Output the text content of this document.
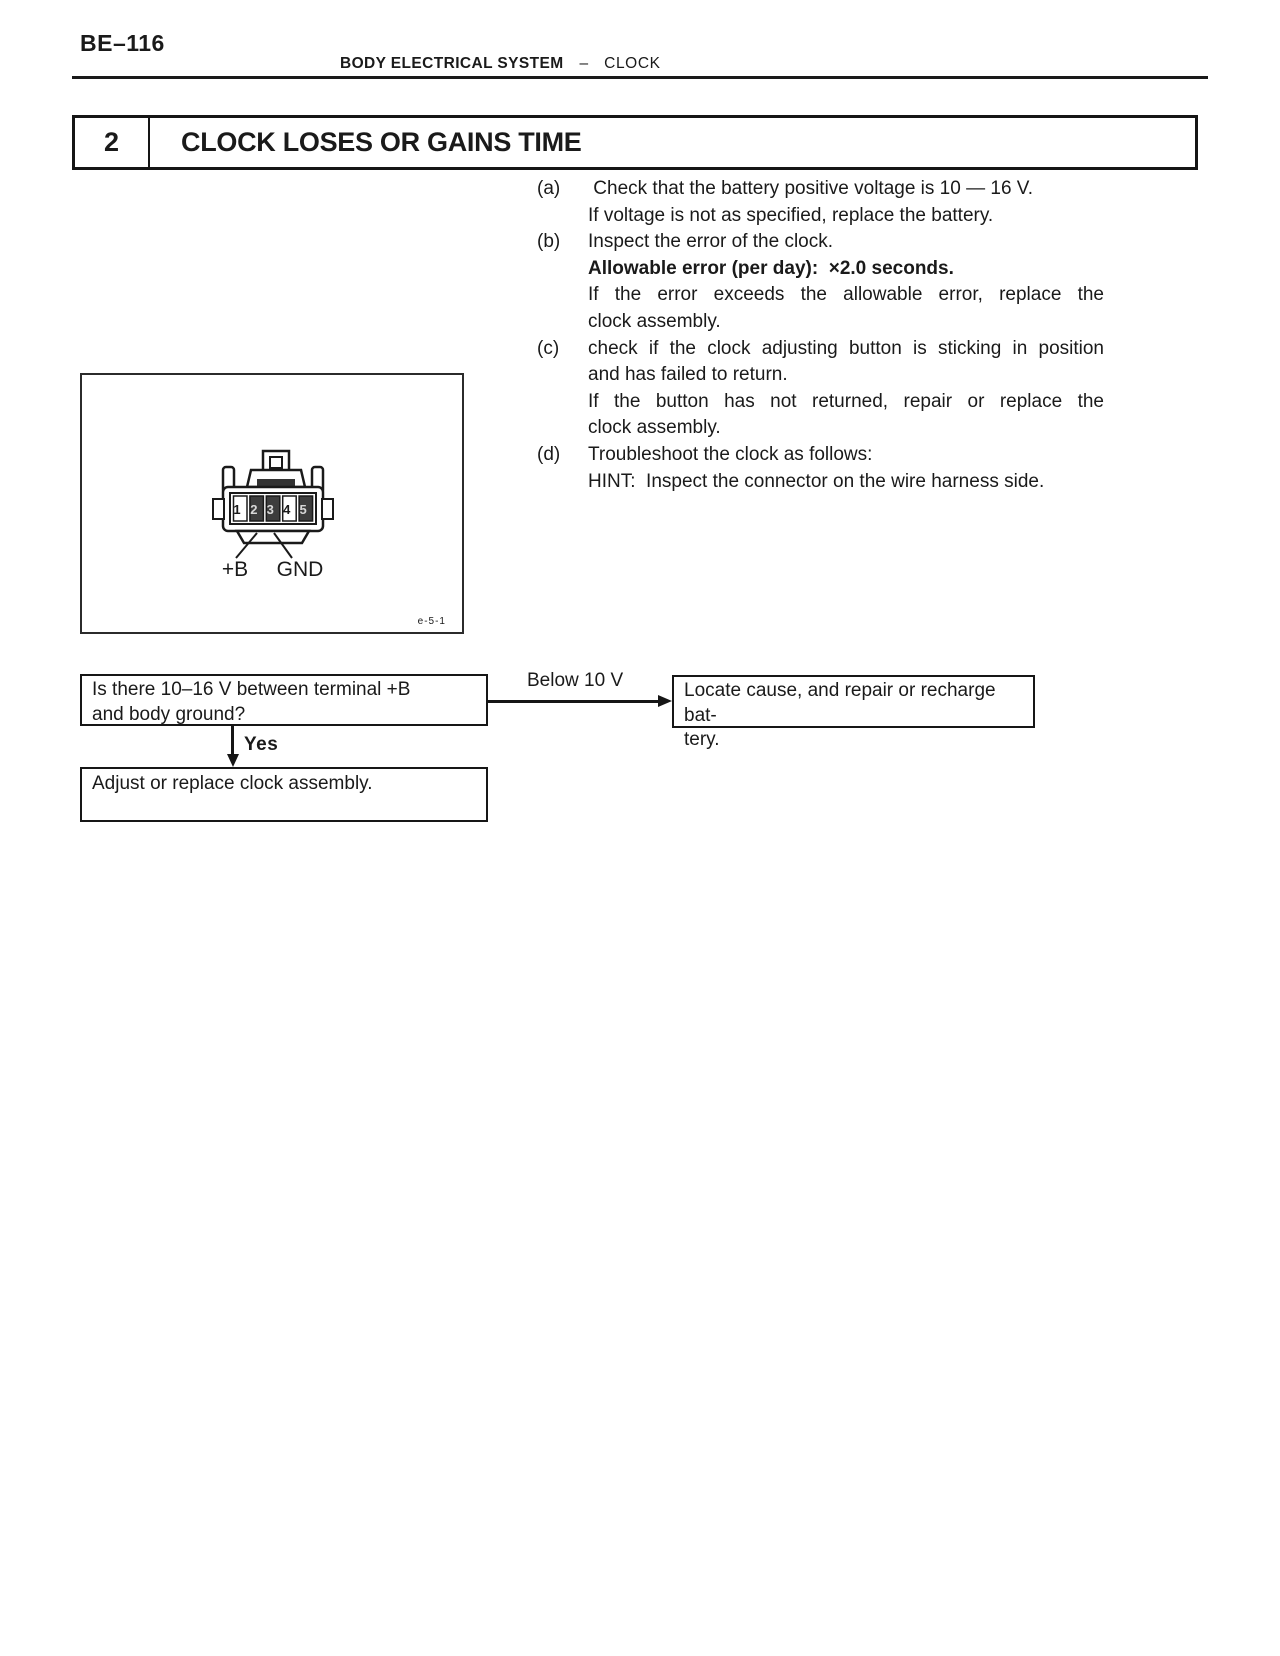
BE–116
BODY ELECTRICAL SYSTEM – CLOCK
2	CLOCK LOSES OR GAINS TIME
(a)	Check that the battery positive voltage is 10 — 16 V.
If voltage is not as specified, replace the battery.
(b)	Inspect the error of the clock.
Allowable error (per day):  ×2.0 seconds.
If the error exceeds the allowable error, replace the
clock assembly.
(c)	check if the clock adjusting button is sticking in position
and has failed to return.
If the button has not returned, repair or replace the
clock assembly.
(d)	Troubleshoot the clock as follows:
HINT:  Inspect the connector on the wire harness side.
1 2 3 4 5
+B GND
e-5-1
Is there 10–16 V between terminal +B
and body ground?
Below 10 V	Locate cause, and repair or recharge bat-
tery.
Yes
Adjust or replace clock assembly.
